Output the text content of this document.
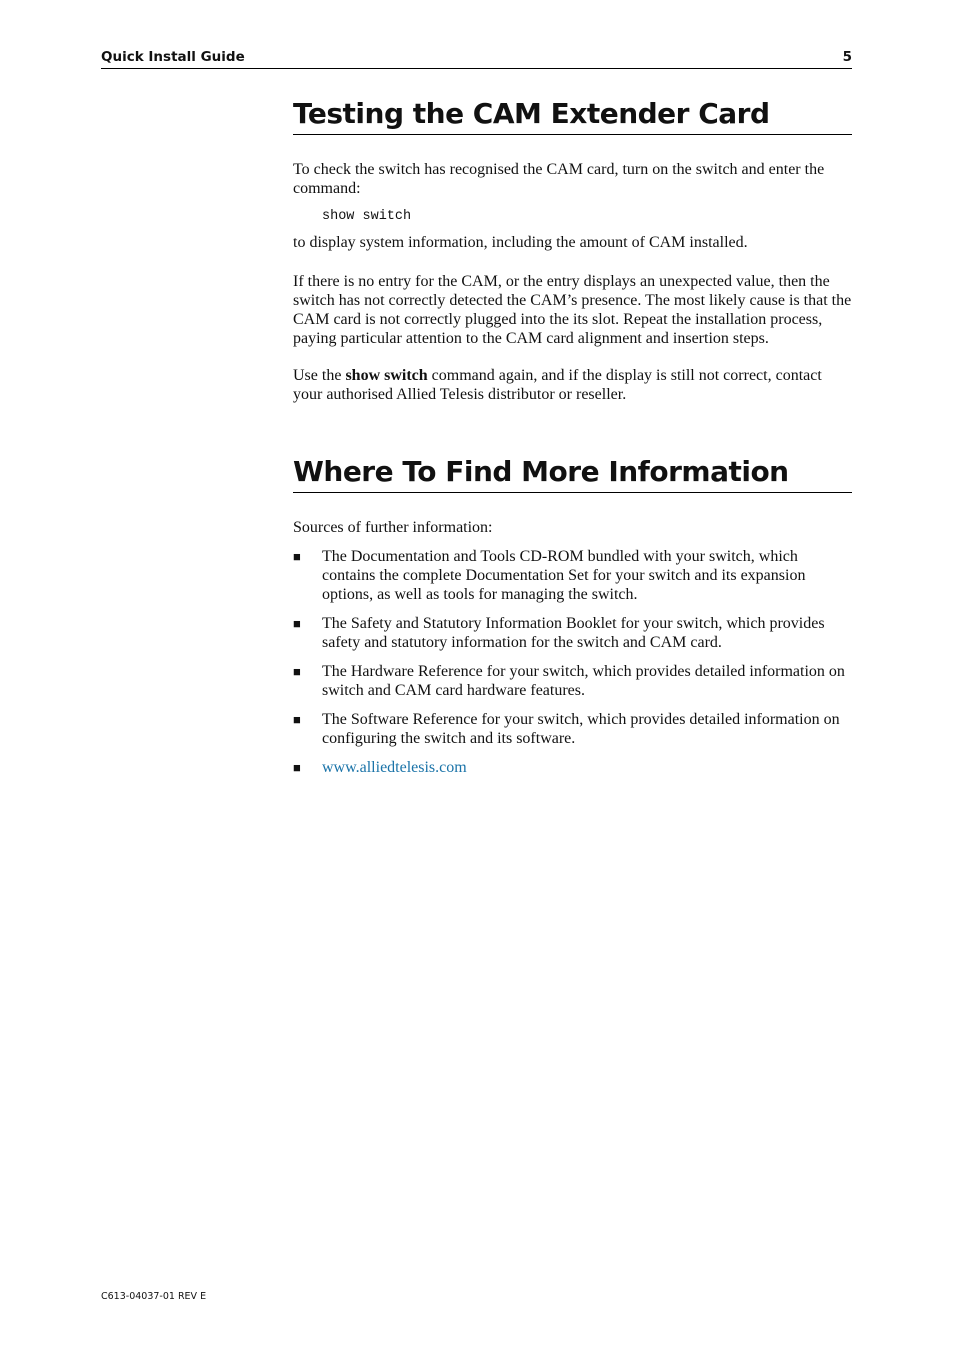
Quick Install Guide	5
Testing the CAM Extender Card

To check the switch has recognised the CAM card, turn on the switch and enter the command:

show switch

to display system information, including the amount of CAM installed.

If there is no entry for the CAM, or the entry displays an unexpected value, then the switch has not correctly detected the CAM’s presence. The most likely cause is that the CAM card is not correctly plugged into the its slot. Repeat the installation process, paying particular attention to the CAM card alignment and insertion steps.

Use the show switch command again, and if the display is still not correct, contact your authorised Allied Telesis distributor or reseller.

Where To Find More Information

Sources of further information:

■ The Documentation and Tools CD-ROM bundled with your switch, which contains the complete Documentation Set for your switch and its expansion options, as well as tools for managing the switch.
■ The Safety and Statutory Information Booklet for your switch, which provides safety and statutory information for the switch and CAM card.
■ The Hardware Reference for your switch, which provides detailed information on switch and CAM card hardware features.
■ The Software Reference for your switch, which provides detailed information on configuring the switch and its software.
■ www.alliedtelesis.com
C613-04037-01 REV E
